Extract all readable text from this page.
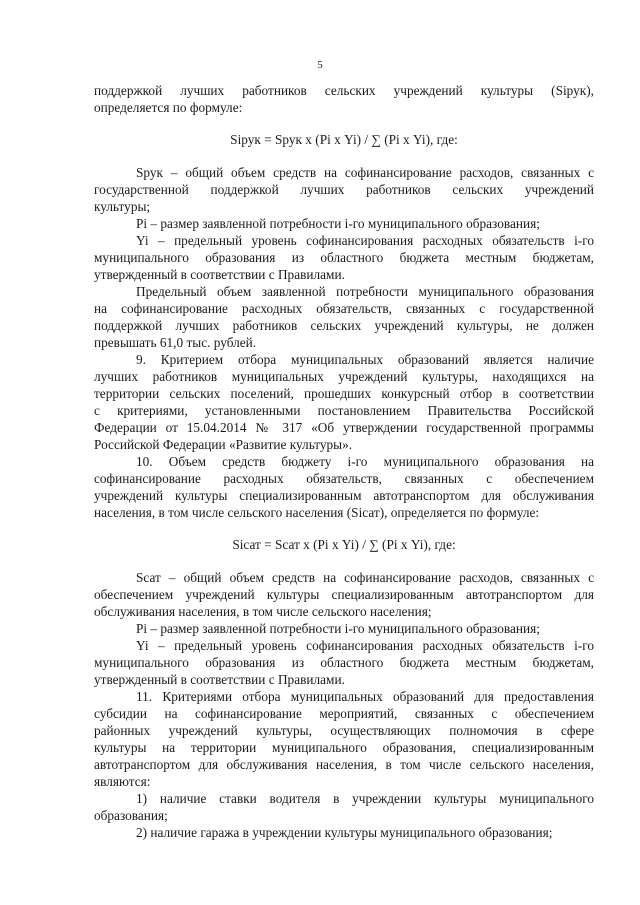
5
поддержкой лучших работников сельских учреждений культуры (Siрук),
определяется по формуле:
Siрук = Sрук х (Pi х Yi) / ∑ (Pi х Yi), где:
Sрук – общий объем средств на софинансирование расходов, связанных с
государственной поддержкой лучших работников сельских учреждений
культуры;
Pi – размер заявленной потребности i-го муниципального образования;
Yi – предельный уровень софинансирования расходных обязательств i-го
муниципального образования из областного бюджета местным бюджетам,
утвержденный в соответствии с Правилами.
Предельный объем заявленной потребности муниципального образования
на софинансирование расходных обязательств, связанных с государственной
поддержкой лучших работников сельских учреждений культуры, не должен
превышать 61,0 тыс. рублей.
9. Критерием отбора муниципальных образований является наличие
лучших работников муниципальных учреждений культуры, находящихся на
территории сельских поселений, прошедших конкурсный отбор в соответствии
с критериями, установленными постановлением Правительства Российской
Федерации от 15.04.2014 № 317 «Об утверждении государственной программы
Российской Федерации «Развитие культуры».
10. Объем средств бюджету i-го муниципального образования на
софинансирование расходных обязательств, связанных с обеспечением
учреждений культуры специализированным автотранспортом для обслуживания
населения, в том числе сельского населения (Siсат), определяется по формуле:
Siсат = Sсат х (Pi х Yi) / ∑ (Pi х Yi), где:
Sсат – общий объем средств на софинансирование расходов, связанных с
обеспечением учреждений культуры специализированным автотранспортом для
обслуживания населения, в том числе сельского населения;
Pi – размер заявленной потребности i-го муниципального образования;
Yi – предельный уровень софинансирования расходных обязательств i-го
муниципального образования из областного бюджета местным бюджетам,
утвержденный в соответствии с Правилами.
11. Критериями отбора муниципальных образований для предоставления
субсидии на софинансирование мероприятий, связанных с обеспечением
районных учреждений культуры, осуществляющих полномочия в сфере
культуры на территории муниципального образования, специализированным
автотранспортом для обслуживания населения, в том числе сельского населения,
являются:
1) наличие ставки водителя в учреждении культуры муниципального
образования;
2) наличие гаража в учреждении культуры муниципального образования;
